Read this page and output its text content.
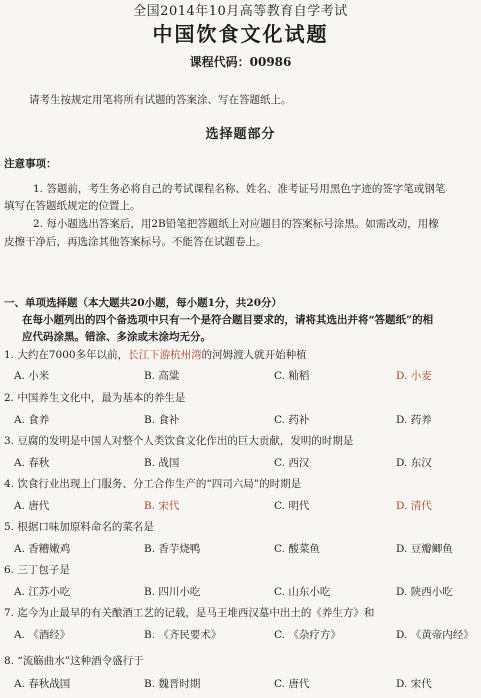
全国2014年10月高等教育自学考试
中国饮食文化试题
课程代码：00986
请考生按规定用笔将所有试题的答案涂、写在答题纸上。
选择题部分
注意事项：
1. 答题前，考生务必将自己的考试课程名称、姓名、准考证号用黑色字迹的签字笔或钢笔
填写在答题纸规定的位置上。
2. 每小题选出答案后，用2B铅笔把答题纸上对应题目的答案标号涂黑。如需改动，用橡
皮擦干净后，再选涂其他答案标号。不能答在试题卷上。
一、单项选择题（本大题共20小题，每小题1分，共20分）
在每小题列出的四个备选项中只有一个是符合题目要求的，请将其选出并将“答题纸”的相
应代码涂黑。错涂、多涂或未涂均无分。
1. 大约在7000多年以前，长江下游杭州湾的河姆渡人就开始种植
A. 小米	B. 高粱	C. 籼稻	D. 小麦
2. 中国养生文化中，最为基本的养生是
A. 食养	B. 食补	C. 药补	D. 药养
3. 豆腐的发明是中国人对整个人类饮食文化作出的巨大贡献，发明的时期是
A. 春秋	B. 战国	C. 西汉	D. 东汉
4. 饮食行业出现上门服务、分工合作生产的“四司六局”的时期是
A. 唐代	B. 宋代	C. 明代	D. 清代
5. 根据口味加原料命名的菜名是
A. 香糟嫩鸡	B. 香芋烧鸭	C. 酸菜鱼	D. 豆瓣鲫鱼
6. 三丁包子是
A. 江苏小吃	B. 四川小吃	C. 山东小吃	D. 陕西小吃
7. 迄今为止最早的有关酿酒工艺的记载，是马王堆西汉墓中出土的《养生方》和
A. 《酒经》	B. 《齐民要术》	C. 《杂疗方》	D. 《黄帝内经》
8. “流觞曲水”这种酒令盛行于
A. 春秋战国	B. 魏晋时期	C. 唐代	D. 宋代
